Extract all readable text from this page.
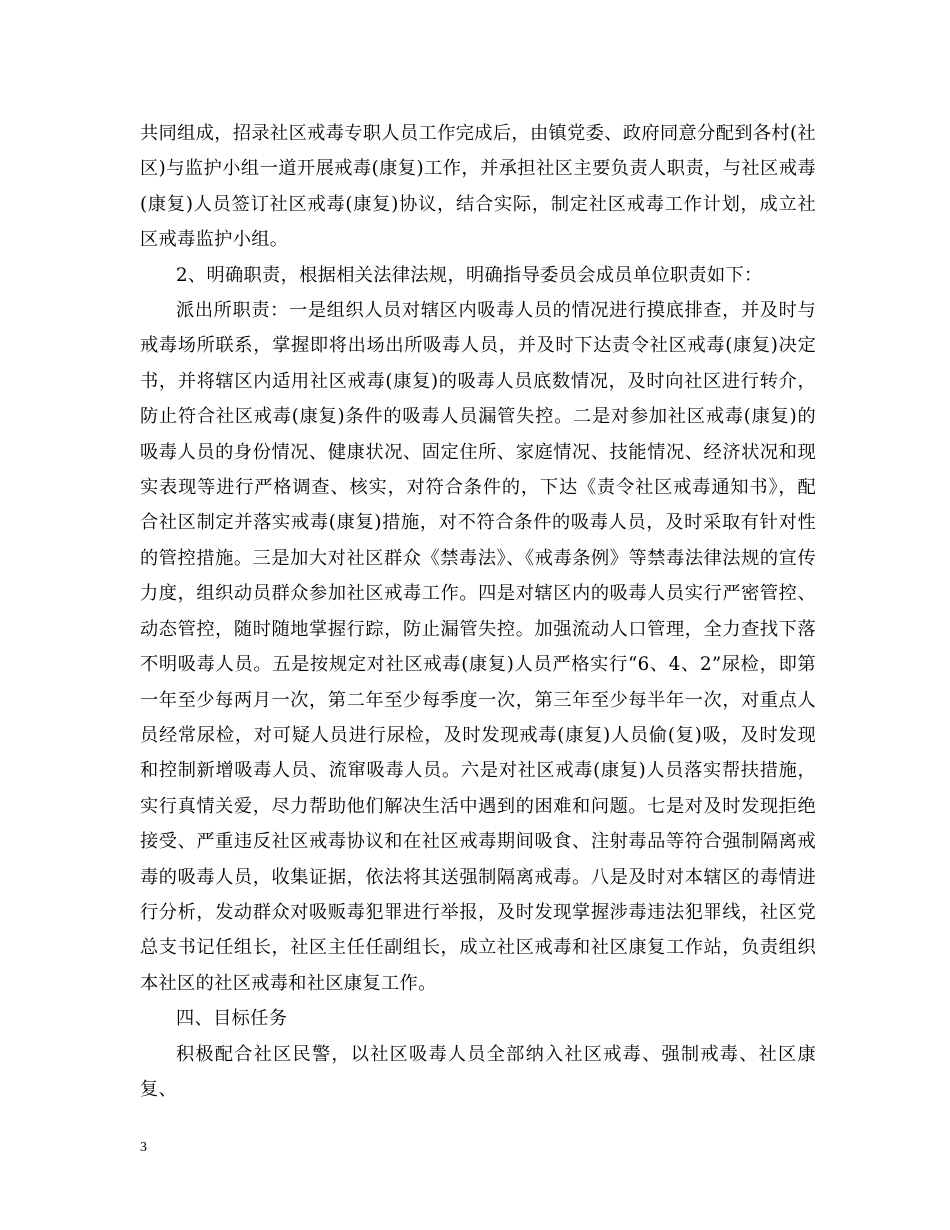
共同组成，招录社区戒毒专职人员工作完成后，由镇党委、政府同意分配到各村(社区)与监护小组一道开展戒毒(康复)工作，并承担社区主要负责人职责，与社区戒毒(康复)人员签订社区戒毒(康复)协议，结合实际，制定社区戒毒工作计划，成立社区戒毒监护小组。

2、明确职责，根据相关法律法规，明确指导委员会成员单位职责如下：

派出所职责：一是组织人员对辖区内吸毒人员的情况进行摸底排查，并及时与戒毒场所联系，掌握即将出场出所吸毒人员，并及时下达责令社区戒毒(康复)决定书，并将辖区内适用社区戒毒(康复)的吸毒人员底数情况，及时向社区进行转介，防止符合社区戒毒(康复)条件的吸毒人员漏管失控。二是对参加社区戒毒(康复)的吸毒人员的身份情况、健康状况、固定住所、家庭情况、技能情况、经济状况和现实表现等进行严格调查、核实，对符合条件的，下达《责令社区戒毒通知书》，配合社区制定并落实戒毒(康复)措施，对不符合条件的吸毒人员，及时采取有针对性的管控措施。三是加大对社区群众《禁毒法》、《戒毒条例》等禁毒法律法规的宣传力度，组织动员群众参加社区戒毒工作。四是对辖区内的吸毒人员实行严密管控、动态管控，随时随地掌握行踪，防止漏管失控。加强流动人口管理，全力查找下落不明吸毒人员。五是按规定对社区戒毒(康复)人员严格实行“6、4、2”尿检，即第一年至少每两月一次，第二年至少每季度一次，第三年至少每半年一次，对重点人员经常尿检，对可疑人员进行尿检，及时发现戒毒(康复)人员偷(复)吸，及时发现和控制新增吸毒人员、流窜吸毒人员。六是对社区戒毒(康复)人员落实帮扶措施，实行真情关爱，尽力帮助他们解决生活中遇到的困难和问题。七是对及时发现拒绝接受、严重违反社区戒毒协议和在社区戒毒期间吸食、注射毒品等符合强制隔离戒毒的吸毒人员，收集证据，依法将其送强制隔离戒毒。八是及时对本辖区的毒情进行分析，发动群众对吸贩毒犯罪进行举报，及时发现掌握涉毒违法犯罪线，社区党总支书记任组长，社区主任任副组长，成立社区戒毒和社区康复工作站，负责组织本社区的社区戒毒和社区康复工作。

四、目标任务

积极配合社区民警，以社区吸毒人员全部纳入社区戒毒、强制戒毒、社区康复、

3
